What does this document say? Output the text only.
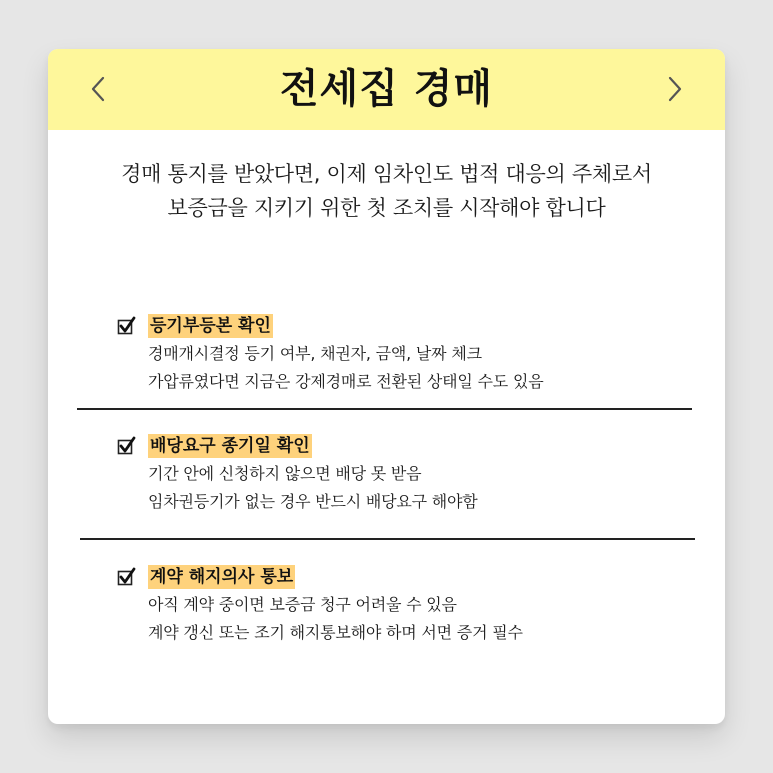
전세집 경매
경매 통지를 받았다면, 이제 임차인도 법적 대응의 주체로서
보증금을 지키기 위한 첫 조치를 시작해야 합니다
등기부등본 확인
경매개시결정 등기 여부, 채권자, 금액, 날짜 체크
가압류였다면 지금은 강제경매로 전환된 상태일 수도 있음
배당요구 종기일 확인
기간 안에 신청하지 않으면 배당 못 받음
임차권등기가 없는 경우 반드시 배당요구 해야함
계약 해지의사 통보
아직 계약 중이면 보증금 청구 어려울 수 있음
계약 갱신 또는 조기 해지통보해야 하며 서면 증거 필수
